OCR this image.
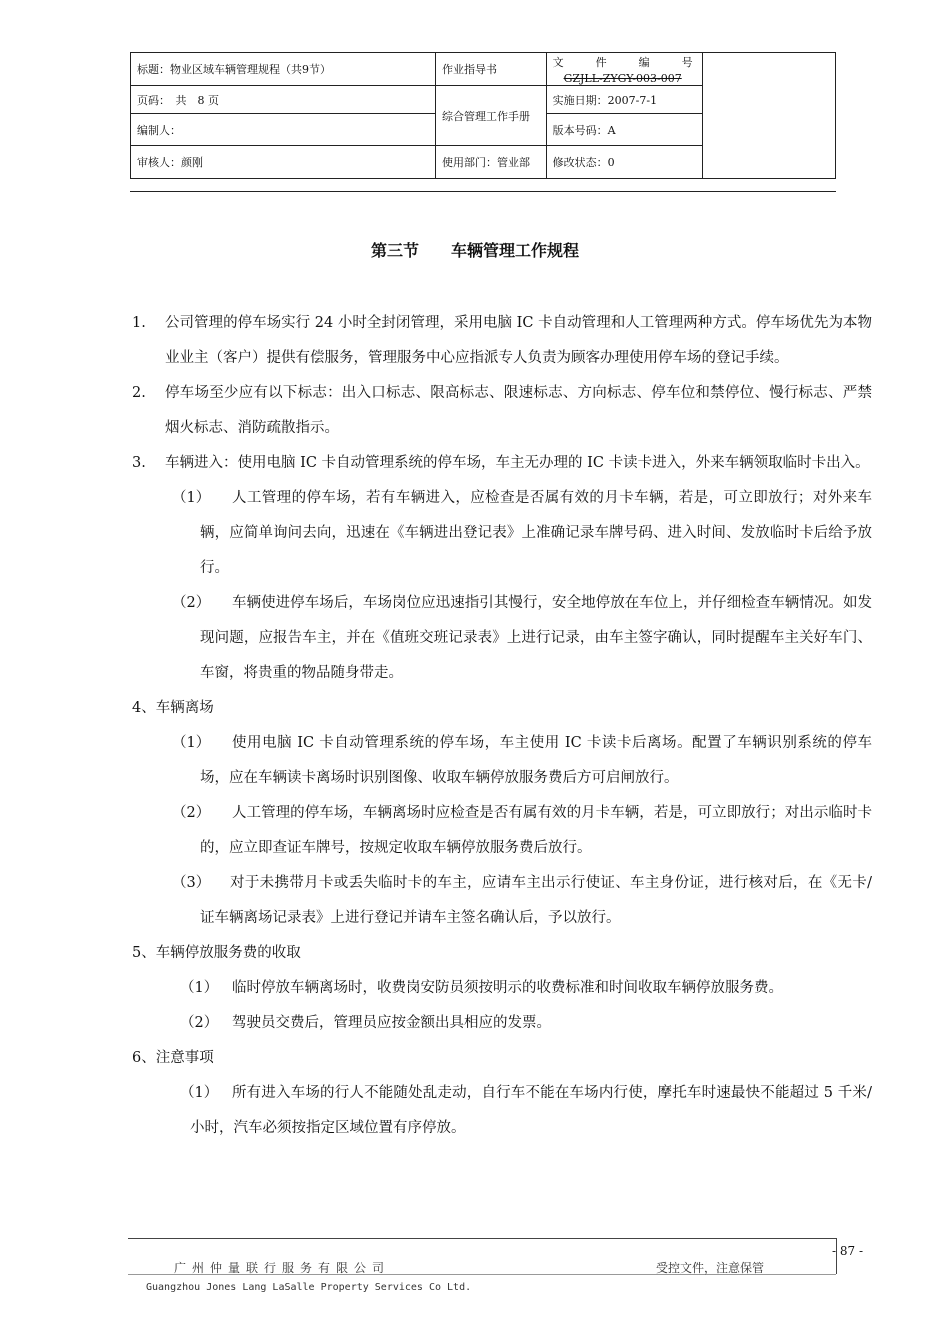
标题：物业区域车辆管理规程（共9节）	作业指导书	文 件 编 号
GZJLL-ZYGY-003-007	

页码：　共　8 页	综合管理工作手册	实施日期：2007-7-1	
编制人：		版本号码：A	
审核人：颜刚	使用部门：管业部	修改状态：0	
第三节 车辆管理工作规程
1. 公司管理的停车场实行 24 小时全封闭管理，采用电脑 IC 卡自动管理和人工管理两种方式。停车场优先为本物业业主（客户）提供有偿服务，管理服务中心应指派专人负责为顾客办理使用停车场的登记手续。
2. 停车场至少应有以下标志：出入口标志、限高标志、限速标志、方向标志、停车位和禁停位、慢行标志、严禁烟火标志、消防疏散指示。
3. 车辆进入：使用电脑 IC 卡自动管理系统的停车场，车主无办理的 IC 卡读卡进入，外来车辆领取临时卡出入。
（1）	人工管理的停车场，若有车辆进入，应检查是否属有效的月卡车辆，若是，可立即放行；对外来车辆，应简单询问去向，迅速在《车辆进出登记表》上准确记录车牌号码、进入时间、发放临时卡后给予放行。
（2）	车辆使进停车场后，车场岗位应迅速指引其慢行，安全地停放在车位上，并仔细检查车辆情况。如发现问题，应报告车主，并在《值班交班记录表》上进行记录，由车主签字确认，同时提醒车主关好车门、车窗，将贵重的物品随身带走。
4、车辆离场
（1）	使用电脑 IC 卡自动管理系统的停车场，车主使用 IC 卡读卡后离场。配置了车辆识别系统的停车场，应在车辆读卡离场时识别图像、收取车辆停放服务费后方可启闸放行。
（2）	人工管理的停车场，车辆离场时应检查是否有属有效的月卡车辆，若是，可立即放行；对出示临时卡的，应立即查证车牌号，按规定收取车辆停放服务费后放行。
（3）	对于未携带月卡或丢失临时卡的车主，应请车主出示行使证、车主身份证，进行核对后，在《无卡/证车辆离场记录表》上进行登记并请车主签名确认后，予以放行。
5、车辆停放服务费的收取
（1） 临时停放车辆离场时，收费岗安防员须按明示的收费标准和时间收取车辆停放服务费。
（2） 驾驶员交费后，管理员应按金额出具相应的发票。
6、注意事项
（1） 所有进入车场的行人不能随处乱走动，自行车不能在车场内行使，摩托车时速最快不能超过 5 千米/小时，汽车必须按指定区域位置有序停放。
- 87 -
广州仲量联行服务有限公司	受控文件，注意保管
Guangzhou Jones Lang LaSalle Property Services Co Ltd.
